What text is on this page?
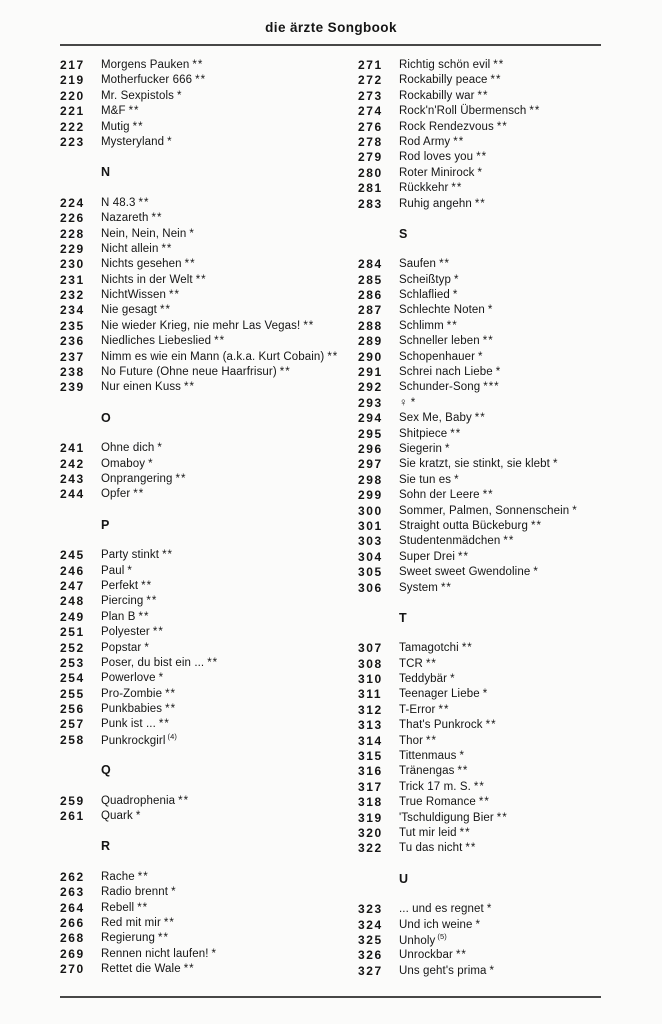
die ärzte Songbook
217	Morgens Pauken **
219	Motherfucker 666 **
220	Mr. Sexpistols *
221	M&F **
222	Mutig **
223	Mysteryland *
N
224	N 48.3 **
226	Nazareth **
228	Nein, Nein, Nein *
229	Nicht allein **
230	Nichts gesehen **
231	Nichts in der Welt **
232	NichtWissen **
234	Nie gesagt **
235	Nie wieder Krieg, nie mehr Las Vegas! **
236	Niedliches Liebeslied **
237	Nimm es wie ein Mann (a.k.a. Kurt Cobain) **
238	No Future (Ohne neue Haarfrisur) **
239	Nur einen Kuss **
O
241	Ohne dich *
242	Omaboy *
243	Onprangering **
244	Opfer **
P
245	Party stinkt **
246	Paul *
247	Perfekt **
248	Piercing **
249	Plan B **
251	Polyester **
252	Popstar *
253	Poser, du bist ein ... **
254	Powerlove *
255	Pro-Zombie **
256	Punkbabies **
257	Punk ist ... **
258	Punkrockgirl $^{(4)}$
Q
259	Quadrophenia **
261	Quark *
R
262	Rache **
263	Radio brennt *
264	Rebell **
266	Red mit mir **
268	Regierung **
269	Rennen nicht laufen! *
270	Rettet die Wale **
271	Richtig schön evil **
272	Rockabilly peace **
273	Rockabilly war **
274	Rock'n'Roll Übermensch **
276	Rock Rendezvous **
278	Rod Army **
279	Rod loves you **
280	Roter Minirock *
281	Rückkehr **
283	Ruhig angehn **
S
284	Saufen **
285	Scheißtyp *
286	Schlaflied *
287	Schlechte Noten *
288	Schlimm **
289	Schneller leben **
290	Schopenhauer *
291	Schrei nach Liebe *
292	Schunder-Song ***
293	♀ *
294	Sex Me, Baby **
295	Shitpiece **
296	Siegerin *
297	Sie kratzt, sie stinkt, sie klebt *
298	Sie tun es *
299	Sohn der Leere **
300	Sommer, Palmen, Sonnenschein *
301	Straight outta Bückeburg **
303	Studentenmädchen **
304	Super Drei **
305	Sweet sweet Gwendoline *
306	System **
T
307	Tamagotchi **
308	TCR **
310	Teddybär *
311	Teenager Liebe *
312	T-Error **
313	That's Punkrock **
314	Thor **
315	Tittenmaus *
316	Tränengas **
317	Trick 17 m. S. **
318	True Romance **
319	'Tschuldigung Bier **
320	Tut mir leid **
322	Tu das nicht **
U
323	... und es regnet *
324	Und ich weine *
325	Unholy $^{(5)}$
326	Unrockbar **
327	Uns geht's prima *
